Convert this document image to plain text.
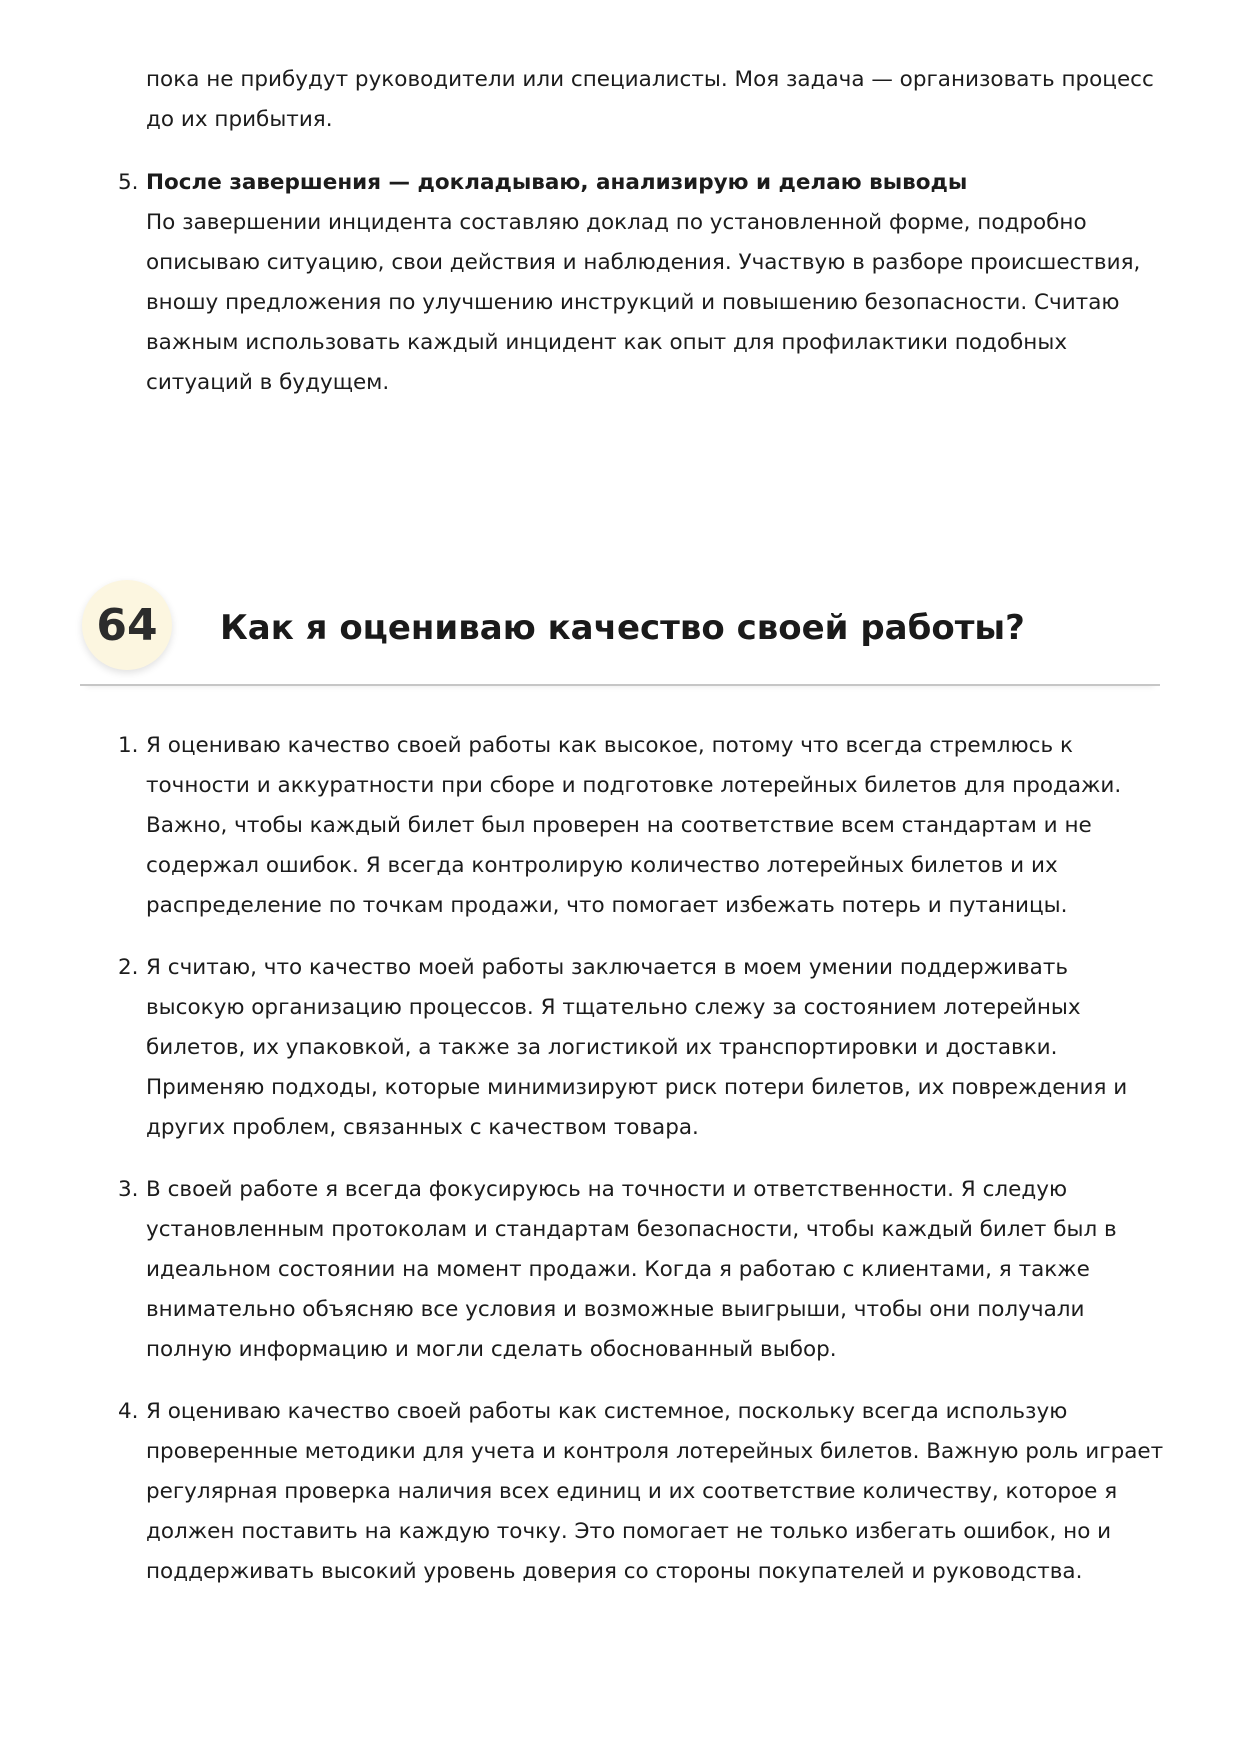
пока не прибудут руководители или специалисты. Моя задача — организовать процесс до их прибытия.

5. После завершения — докладываю, анализирую и делаю выводы
По завершении инцидента составляю доклад по установленной форме, подробно описываю ситуацию, свои действия и наблюдения. Участвую в разборе происшествия, вношу предложения по улучшению инструкций и повышению безопасности. Считаю важным использовать каждый инцидент как опыт для профилактики подобных ситуаций в будущем.
64	Как я оцениваю качество своей работы?
1. Я оцениваю качество своей работы как высокое, потому что всегда стремлюсь к точности и аккуратности при сборе и подготовке лотерейных билетов для продажи. Важно, чтобы каждый билет был проверен на соответствие всем стандартам и не содержал ошибок. Я всегда контролирую количество лотерейных билетов и их распределение по точкам продажи, что помогает избежать потерь и путаницы.
2. Я считаю, что качество моей работы заключается в моем умении поддерживать высокую организацию процессов. Я тщательно слежу за состоянием лотерейных билетов, их упаковкой, а также за логистикой их транспортировки и доставки. Применяю подходы, которые минимизируют риск потери билетов, их повреждения и других проблем, связанных с качеством товара.
3. В своей работе я всегда фокусируюсь на точности и ответственности. Я следую установленным протоколам и стандартам безопасности, чтобы каждый билет был в идеальном состоянии на момент продажи. Когда я работаю с клиентами, я также внимательно объясняю все условия и возможные выигрыши, чтобы они получали полную информацию и могли сделать обоснованный выбор.
4. Я оцениваю качество своей работы как системное, поскольку всегда использую проверенные методики для учета и контроля лотерейных билетов. Важную роль играет регулярная проверка наличия всех единиц и их соответствие количеству, которое я должен поставить на каждую точку. Это помогает не только избегать ошибок, но и поддерживать высокий уровень доверия со стороны покупателей и руководства.
